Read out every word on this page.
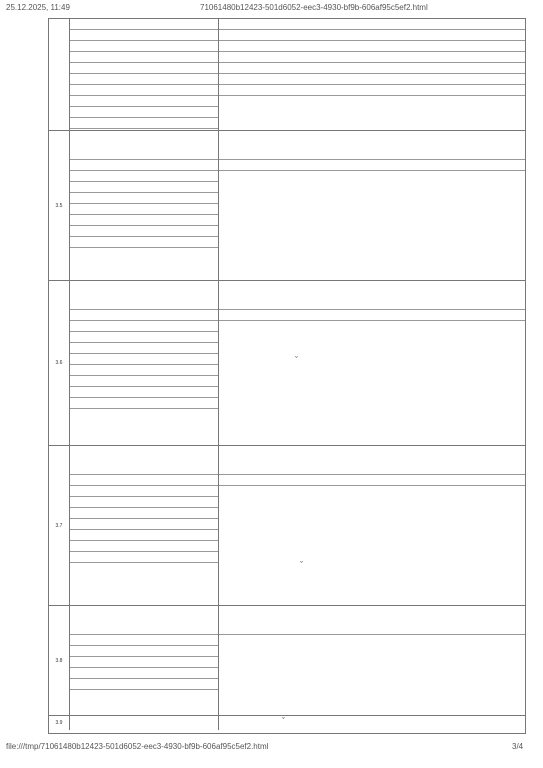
25.12.2025, 11:49	71061480b12423-501d6052-eec3-4930-bf9b-606af95c5ef2.html
3.5
3.6
3.7
3.8
3.9
ˇ
ˇ
ˇ
file:///tmp/71061480b12423-501d6052-eec3-4930-bf9b-606af95c5ef2.html	3/4
